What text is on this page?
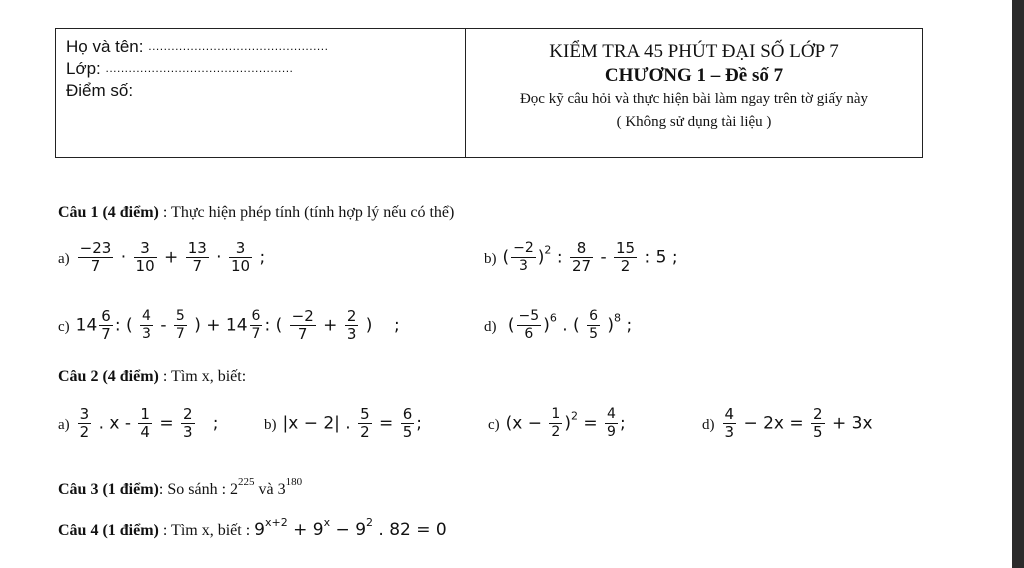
Họ và tên: ...............................................
Lớp: .................................................
Điểm số:
KIỂM TRA 45 PHÚT ĐẠI SỐ LỚP 7
CHƯƠNG 1 – Đề số 7
Đọc kỹ câu hỏi và thực hiện bài làm ngay trên tờ giấy này
( Không sử dụng tài liệu )
Câu 1 (4 điểm) : Thực hiện phép tính (tính hợp lý nếu có thể)
$a) \frac{-23}{7} \cdot \frac{3}{10} + \frac{13}{7} \cdot \frac{3}{10}$ ;	b) ( $\frac{-2}{3} )^2$ : $\frac{8}{27} - \frac{15}{2}$ : 5 ;
c) $14 \frac{6}{7}$ : ( $\frac{4}{3} - \frac{5}{7}$ ) + $14 \frac{6}{7}$ : ( $\frac{-2}{7} + \frac{2}{3}$ )    ;	d) ( $\frac{-5}{6} )^6$ . ( $\frac{6}{5} )^8$ ;
Câu 2 (4 điểm) : Tìm x, biết:
$a) \frac{3}{2}$ . $x - \frac{1}{4} = \frac{2}{3}$ ;	b) |x − 2| . $\frac{5}{2} = \frac{6}{5}$ ;	c) $(x - \frac{1}{2} )^2 = \frac{4}{9}$ ;	$d) \frac{4}{3} - 2x = \frac{2}{5} + 3x$
Câu 3 (1 điểm): So sánh : $2^{225}$ và $3^{180}$
Câu 4 (1 điểm) : Tìm x, biết : $9^{x+2} + 9^x - 9^2$ . 82 = 0
